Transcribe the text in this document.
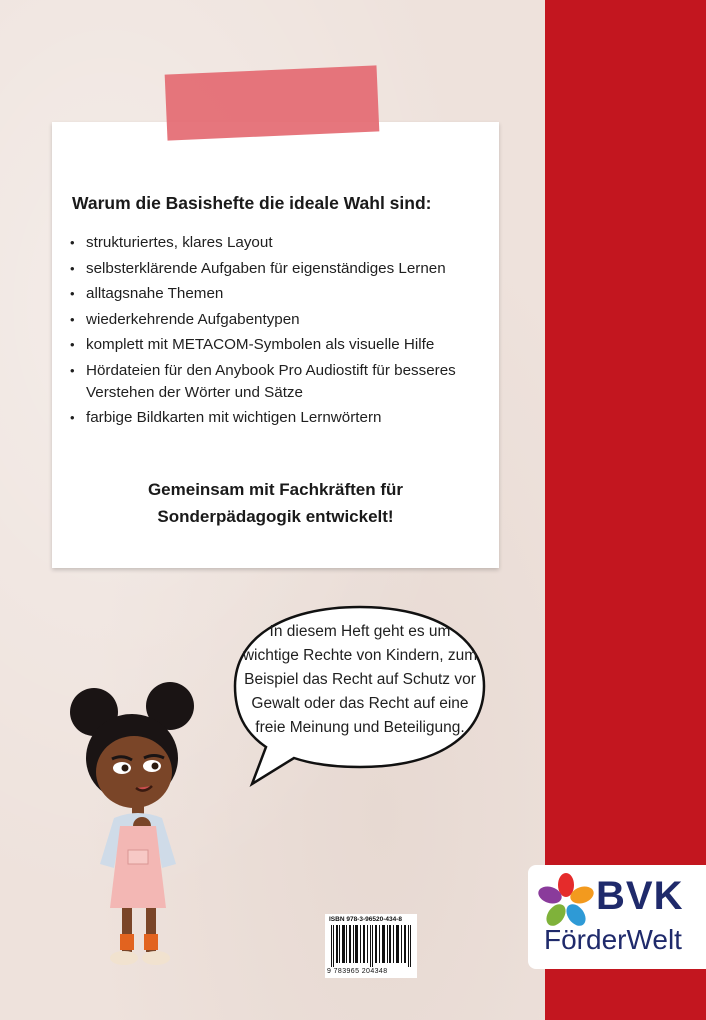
Warum die Basishefte die ideale Wahl sind:
• strukturiertes, klares Layout
• selbsterklärende Aufgaben für eigenständiges Lernen
• alltagsnahe Themen
• wiederkehrende Aufgabentypen
• komplett mit METACOM-Symbolen als visuelle Hilfe
• Hördateien für den Anybook Pro Audiostift für besseres Verstehen der Wörter und Sätze
• farbige Bildkarten mit wichtigen Lernwörtern
Gemeinsam mit Fachkräften für
Sonderpädagogik entwickelt!
In diesem Heft geht es um wichtige Rechte von Kindern, zum Beispiel das Recht auf Schutz vor Gewalt oder das Recht auf eine freie Meinung und Beteiligung.
ISBN 978-3-96520-434-8
9 783965 204348
BVK
FörderWelt
